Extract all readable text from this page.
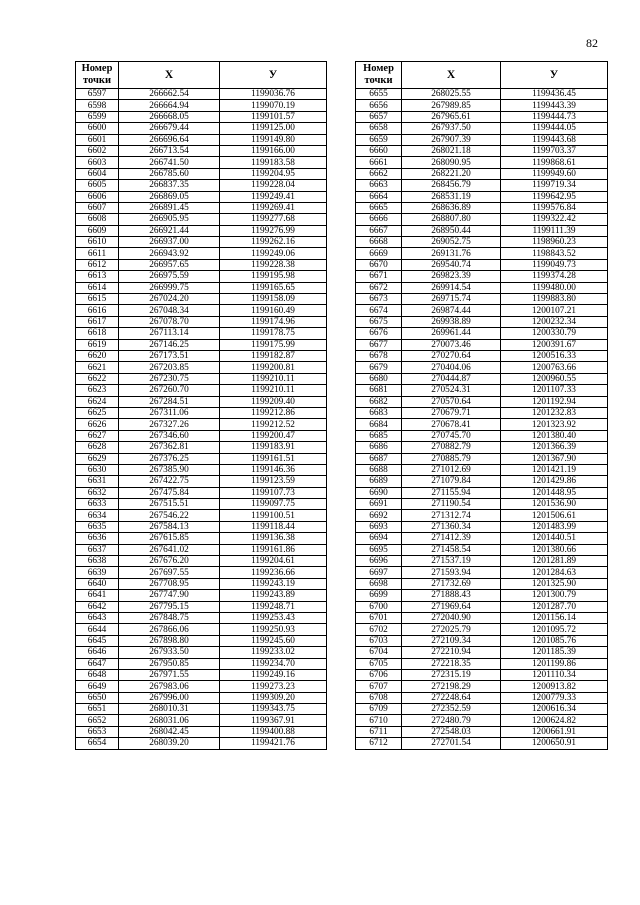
82
Номер точки	X	У
6597	266662.54	1199036.76
6598	266664.94	1199070.19
6599	266668.05	1199101.57
6600	266679.44	1199125.00
6601	266696.64	1199149.80
6602	266713.54	1199166.00
6603	266741.50	1199183.58
6604	266785.60	1199204.95
6605	266837.35	1199228.04
6606	266869.05	1199249.41
6607	266891.45	1199269.41
6608	266905.95	1199277.68
6609	266921.44	1199276.99
6610	266937.00	1199262.16
6611	266943.92	1199249.06
6612	266957.65	1199228.38
6613	266975.59	1199195.98
6614	266999.75	1199165.65
6615	267024.20	1199158.09
6616	267048.34	1199160.49
6617	267078.70	1199174.96
6618	267113.14	1199178.75
6619	267146.25	1199175.99
6620	267173.51	1199182.87
6621	267203.85	1199200.81
6622	267230.75	1199210.11
6623	267260.70	1199210.11
6624	267284.51	1199209.40
6625	267311.06	1199212.86
6626	267327.26	1199212.52
6627	267346.60	1199200.47
6628	267362.81	1199183.91
6629	267376.25	1199161.51
6630	267385.90	1199146.36
6631	267422.75	1199123.59
6632	267475.84	1199107.73
6633	267515.51	1199097.75
6634	267546.22	1199100.51
6635	267584.13	1199118.44
6636	267615.85	1199136.38
6637	267641.02	1199161.86
6638	267676.20	1199204.61
6639	267697.55	1199236.66
6640	267708.95	1199243.19
6641	267747.90	1199243.89
6642	267795.15	1199248.71
6643	267848.75	1199253.43
6644	267866.06	1199250.93
6645	267898.80	1199245.60
6646	267933.50	1199233.02
6647	267950.85	1199234.70
6648	267971.55	1199249.16
6649	267983.06	1199273.23
6650	267996.00	1199309.20
6651	268010.31	1199343.75
6652	268031.06	1199367.91
6653	268042.45	1199400.88
6654	268039.20	1199421.76
Номер точки	X	У
6655	268025.55	1199436.45
6656	267989.85	1199443.39
6657	267965.61	1199444.73
6658	267937.50	1199444.05
6659	267907.39	1199443.68
6660	268021.18	1199703.37
6661	268090.95	1199868.61
6662	268221.20	1199949.60
6663	268456.79	1199719.34
6664	268531.19	1199642.95
6665	268636.89	1199576.84
6666	268807.80	1199322.42
6667	268950.44	1199111.39
6668	269052.75	1198960.23
6669	269131.76	1198843.52
6670	269540.74	1199049.73
6671	269823.39	1199374.28
6672	269914.54	1199480.00
6673	269715.74	1199883.80
6674	269874.44	1200107.21
6675	269938.89	1200232.34
6676	269961.44	1200330.79
6677	270073.46	1200391.67
6678	270270.64	1200516.33
6679	270404.06	1200763.66
6680	270444.87	1200960.55
6681	270524.31	1201107.33
6682	270570.64	1201192.94
6683	270679.71	1201232.83
6684	270678.41	1201323.92
6685	270745.70	1201380.40
6686	270882.79	1201366.39
6687	270885.79	1201367.90
6688	271012.69	1201421.19
6689	271079.84	1201429.86
6690	271155.94	1201448.95
6691	271190.54	1201536.90
6692	271312.74	1201506.61
6693	271360.34	1201483.99
6694	271412.39	1201440.51
6695	271458.54	1201380.66
6696	271537.19	1201281.89
6697	271593.94	1201284.63
6698	271732.69	1201325.90
6699	271888.43	1201300.79
6700	271969.64	1201287.70
6701	272040.90	1201156.14
6702	272025.79	1201095.72
6703	272109.34	1201085.76
6704	272210.94	1201185.39
6705	272218.35	1201199.86
6706	272315.19	1201110.34
6707	272198.29	1200913.82
6708	272248.64	1200779.33
6709	272352.59	1200616.34
6710	272480.79	1200624.82
6711	272548.03	1200661.91
6712	272701.54	1200650.91
